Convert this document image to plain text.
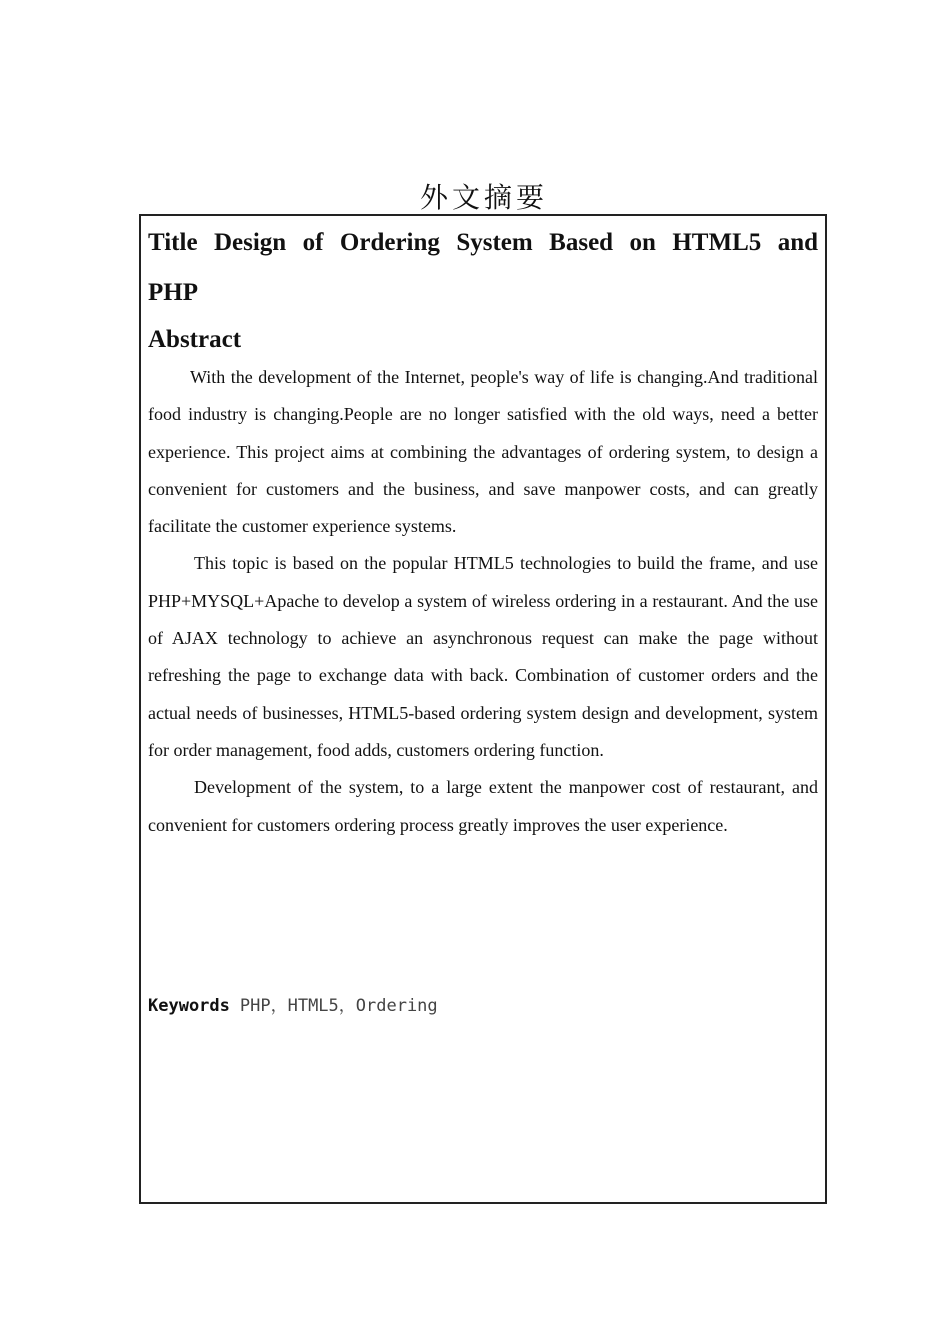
外文摘要
Title Design of Ordering System Based on HTML5 and PHP
Abstract

With the development of the Internet, people's way of life is changing.And traditional food industry is changing.People are no longer satisfied with the old ways, need a better experience. This project aims at combining the advantages of ordering system, to design a convenient for customers and the business, and save manpower costs, and can greatly facilitate the customer experience systems.

This topic is based on the popular HTML5 technologies to build the frame, and use PHP+MYSQL+Apache to develop a system of wireless ordering in a restaurant. And the use of AJAX technology to achieve an asynchronous request can make the page without refreshing the page to exchange data with back. Combination of customer orders and the actual needs of businesses, HTML5-based ordering system design and development, system for order management, food adds, customers ordering function.

Development of the system, to a large extent the manpower cost of restaurant, and convenient for customers ordering process greatly improves the user experience.

Keywords PHP，HTML5，Ordering
